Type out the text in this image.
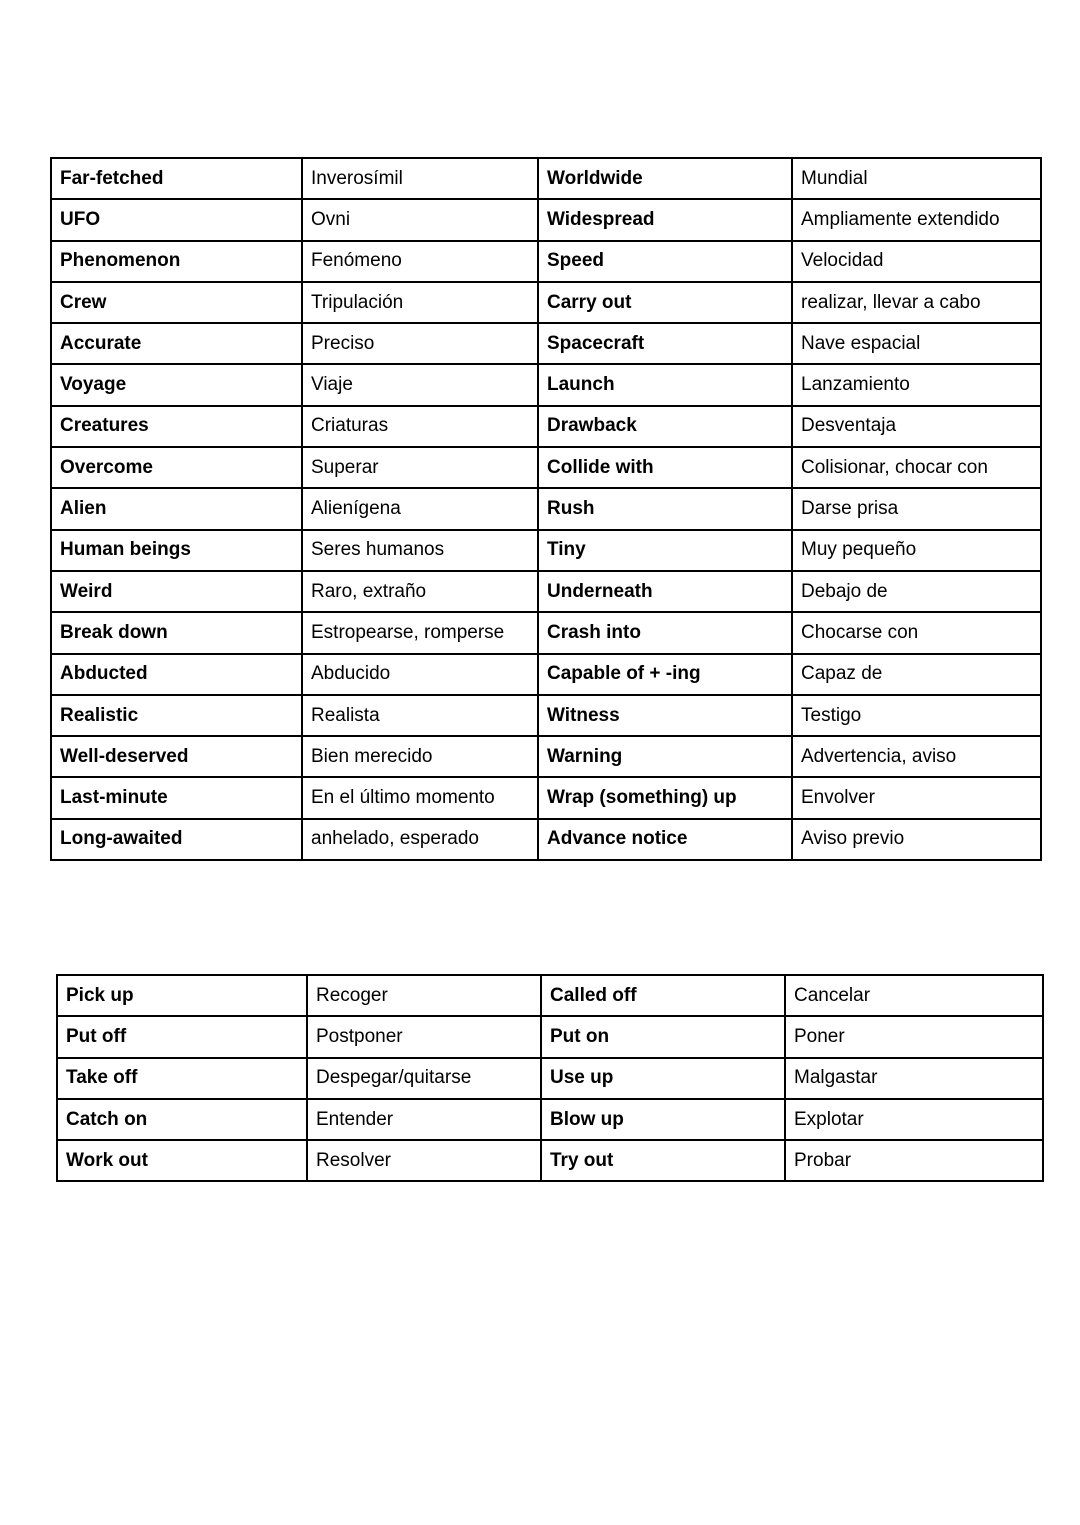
Far-fetched	Inverosímil	Worldwide	Mundial
UFO	Ovni	Widespread	Ampliamente extendido
Phenomenon	Fenómeno	Speed	Velocidad
Crew	Tripulación	Carry out	realizar, llevar a cabo
Accurate	Preciso	Spacecraft	Nave espacial
Voyage	Viaje	Launch	Lanzamiento
Creatures	Criaturas	Drawback	Desventaja
Overcome	Superar	Collide with	Colisionar, chocar con
Alien	Alienígena	Rush	Darse prisa
Human beings	Seres humanos	Tiny	Muy pequeño
Weird	Raro, extraño	Underneath	Debajo de
Break down	Estropearse, romperse	Crash into	Chocarse con
Abducted	Abducido	Capable of + -ing	Capaz de
Realistic	Realista	Witness	Testigo
Well-deserved	Bien merecido	Warning	Advertencia, aviso
Last-minute	En el último momento	Wrap (something) up	Envolver
Long-awaited	anhelado, esperado	Advance notice	Aviso previo
Pick up	Recoger	Called off	Cancelar
Put off	Postponer	Put on	Poner
Take off	Despegar/quitarse	Use up	Malgastar
Catch on	Entender	Blow up	Explotar
Work out	Resolver	Try out	Probar
